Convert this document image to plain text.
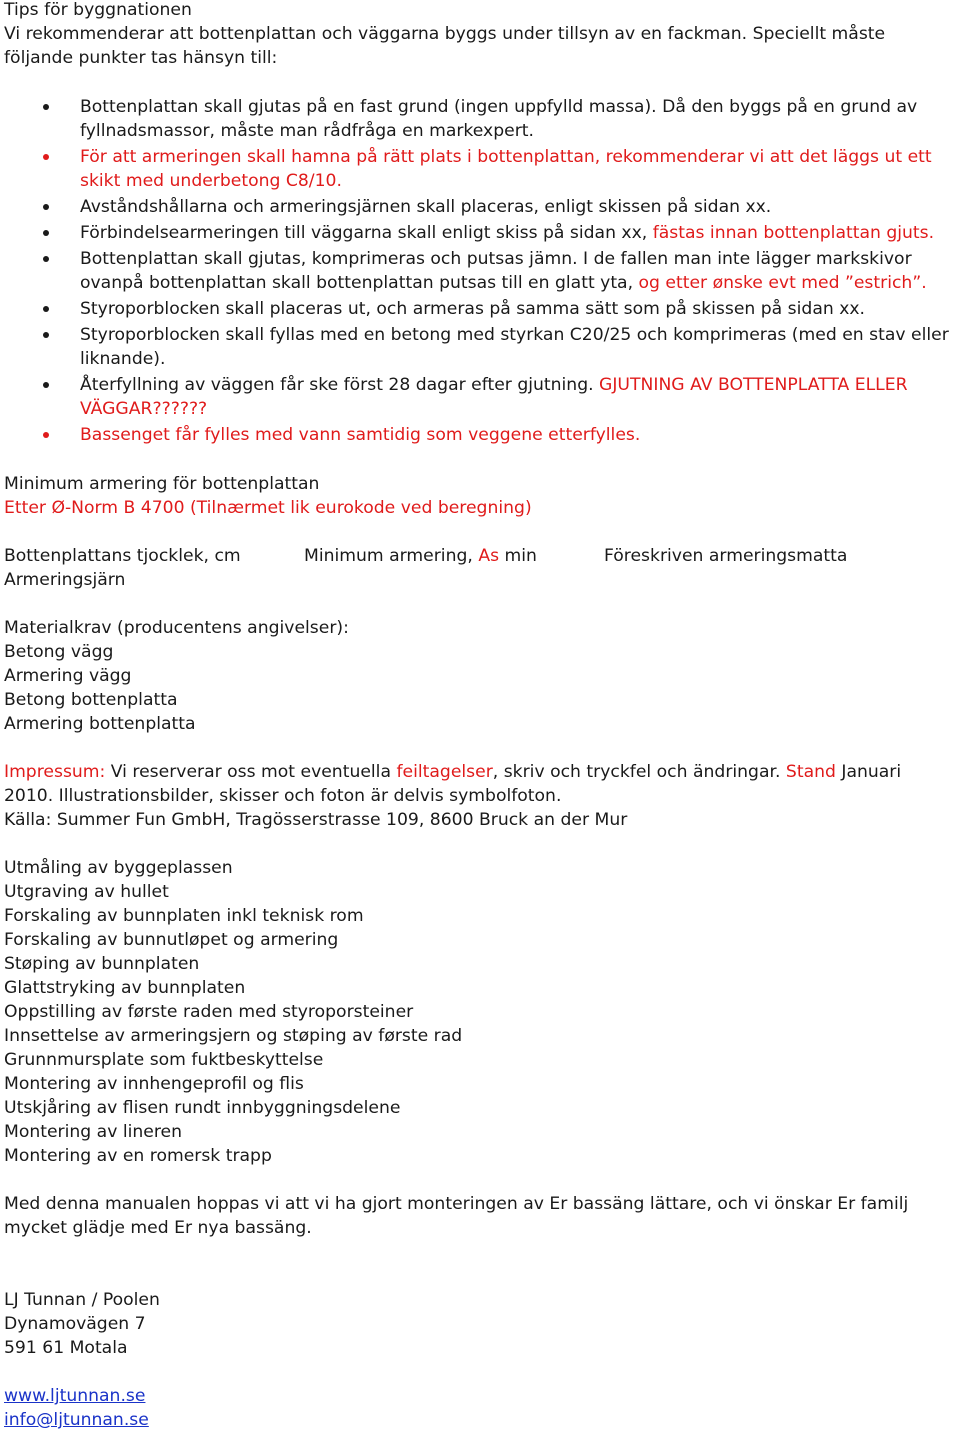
Tips för byggnationen
Vi rekommenderar att bottenplattan och väggarna byggs under tillsyn av en fackman. Speciellt måste
följande punkter tas hänsyn till:
Bottenplattan skall gjutas på en fast grund (ingen uppfylld massa). Då den byggs på en grund av fyllnadsmassor, måste man rådfråga en markexpert.
För att armeringen skall hamna på rätt plats i bottenplattan, rekommenderar vi att det läggs ut ett skikt med underbetong C8/10.
Avståndshållarna och armeringsjärnen skall placeras, enligt skissen på sidan xx.
Förbindelsearmeringen till väggarna skall enligt skiss på sidan xx, fästas innan bottenplattan gjuts.
Bottenplattan skall gjutas, komprimeras och putsas jämn. I de fallen man inte lägger markskivor ovanpå bottenplattan skall bottenplattan putsas till en glatt yta, og etter ønske evt med ”estrich”.
Styroporblocken skall placeras ut, och armeras på samma sätt som på skissen på sidan xx.
Styroporblocken skall fyllas med en betong med styrkan C20/25 och komprimeras (med en stav eller liknande).
Återfyllning av väggen får ske först 28 dagar efter gjutning. GJUTNING AV BOTTENPLATTA ELLER VÄGGAR??????
Bassenget får fylles med vann samtidig som veggene etterfylles.
Minimum armering för bottenplattan
Etter Ø-Norm B 4700 (Tilnærmet lik eurokode ved beregning)
Bottenplattans tjocklek, cm	Minimum armering, As min	Föreskriven armeringsmatta
Armeringsjärn
Materialkrav (producentens angivelser):
Betong vägg
Armering vägg
Betong bottenplatta
Armering bottenplatta
Impressum: Vi reserverar oss mot eventuella feiltagelser, skriv och tryckfel och ändringar. Stand Januari
2010. Illustrationsbilder, skisser och foton är delvis symbolfoton.
Källa: Summer Fun GmbH, Tragösserstrasse 109, 8600 Bruck an der Mur
Utmåling av byggeplassen
Utgraving av hullet
Forskaling av bunnplaten inkl teknisk rom
Forskaling av bunnutløpet og armering
Støping av bunnplaten
Glattstryking av bunnplaten
Oppstilling av første raden med styroporsteiner
Innsettelse av armeringsjern og støping av første rad
Grunnmursplate som fuktbeskyttelse
Montering av innhengeprofil og flis
Utskjåring av flisen rundt innbyggningsdelene
Montering av lineren
Montering av en romersk trapp
Med denna manualen hoppas vi att vi ha gjort monteringen av Er bassäng lättare, och vi önskar Er familj
mycket glädje med Er nya bassäng.
LJ Tunnan / Poolen
Dynamovägen 7
591 61 Motala
www.ljtunnan.se
info@ljtunnan.se
